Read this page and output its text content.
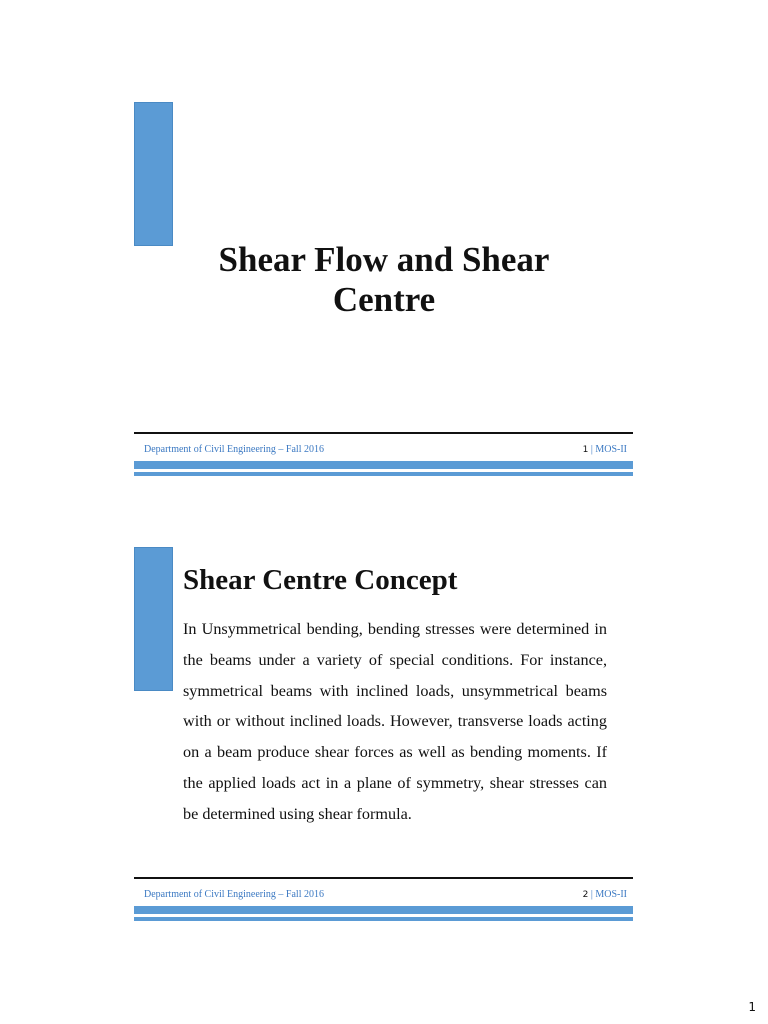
Shear Flow and Shear Centre
Department of Civil Engineering – Fall 2016	1 | MOS-II
Shear Centre Concept

In Unsymmetrical bending, bending stresses were determined in the beams under a variety of special conditions. For instance, symmetrical beams with inclined loads, unsymmetrical beams with or without inclined loads. However, transverse loads acting on a beam produce shear forces as well as bending moments. If the applied loads act in a plane of symmetry, shear stresses can be determined using shear formula.

Department of Civil Engineering – Fall 2016	2 | MOS-II
1
